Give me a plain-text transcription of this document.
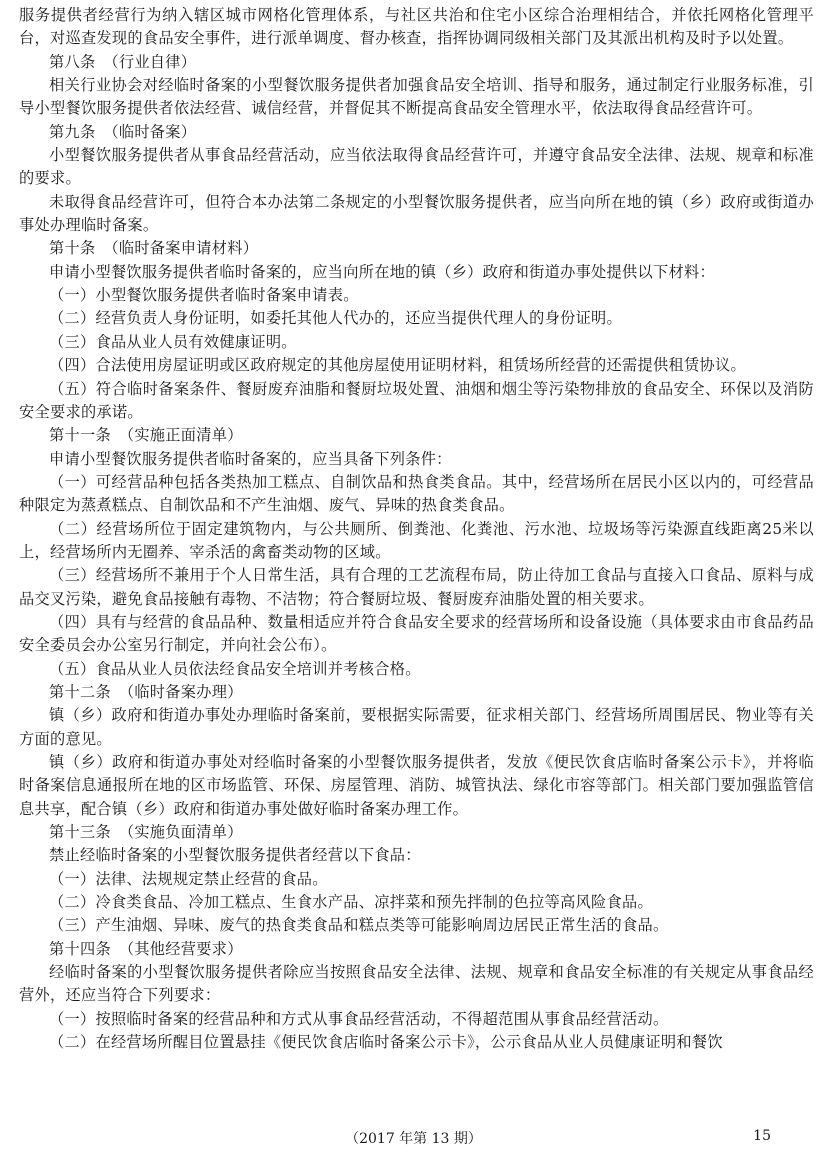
服务提供者经营行为纳入辖区城市网格化管理体系，与社区共治和住宅小区综合治理相结合，并依托网格化管理平台，对巡查发现的食品安全事件，进行派单调度、督办核查，指挥协调同级相关部门及其派出机构及时予以处置。

第八条　（行业自律）

相关行业协会对经临时备案的小型餐饮服务提供者加强食品安全培训、指导和服务，通过制定行业服务标准，引导小型餐饮服务提供者依法经营、诚信经营，并督促其不断提高食品安全管理水平，依法取得食品经营许可。

第九条　（临时备案）

小型餐饮服务提供者从事食品经营活动，应当依法取得食品经营许可，并遵守食品安全法律、法规、规章和标准的要求。

未取得食品经营许可，但符合本办法第二条规定的小型餐饮服务提供者，应当向所在地的镇（乡）政府或街道办事处办理临时备案。

第十条　（临时备案申请材料）

申请小型餐饮服务提供者临时备案的，应当向所在地的镇（乡）政府和街道办事处提供以下材料：

（一）小型餐饮服务提供者临时备案申请表。

（二）经营负责人身份证明，如委托其他人代办的，还应当提供代理人的身份证明。

（三）食品从业人员有效健康证明。

（四）合法使用房屋证明或区政府规定的其他房屋使用证明材料，租赁场所经营的还需提供租赁协议。

（五）符合临时备案条件、餐厨废弃油脂和餐厨垃圾处置、油烟和烟尘等污染物排放的食品安全、环保以及消防安全要求的承诺。

第十一条　（实施正面清单）

申请小型餐饮服务提供者临时备案的，应当具备下列条件：

（一）可经营品种包括各类热加工糕点、自制饮品和热食类食品。其中，经营场所在居民小区以内的，可经营品种限定为蒸煮糕点、自制饮品和不产生油烟、废气、异味的热食类食品。

（二）经营场所位于固定建筑物内，与公共厕所、倒粪池、化粪池、污水池、垃圾场等污染源直线距离25米以上，经营场所内无圈养、宰杀活的禽畜类动物的区域。

（三）经营场所不兼用于个人日常生活，具有合理的工艺流程布局，防止待加工食品与直接入口食品、原料与成品交叉污染，避免食品接触有毒物、不洁物；符合餐厨垃圾、餐厨废弃油脂处置的相关要求。

（四）具有与经营的食品品种、数量相适应并符合食品安全要求的经营场所和设备设施（具体要求由市食品药品安全委员会办公室另行制定，并向社会公布）。

（五）食品从业人员依法经食品安全培训并考核合格。

第十二条　（临时备案办理）

镇（乡）政府和街道办事处办理临时备案前，要根据实际需要，征求相关部门、经营场所周围居民、物业等有关方面的意见。

镇（乡）政府和街道办事处对经临时备案的小型餐饮服务提供者，发放《便民饮食店临时备案公示卡》，并将临时备案信息通报所在地的区市场监管、环保、房屋管理、消防、城管执法、绿化市容等部门。相关部门要加强监管信息共享，配合镇（乡）政府和街道办事处做好临时备案办理工作。

第十三条　（实施负面清单）

禁止经临时备案的小型餐饮服务提供者经营以下食品：

（一）法律、法规规定禁止经营的食品。

（二）冷食类食品、冷加工糕点、生食水产品、凉拌菜和预先拌制的色拉等高风险食品。

（三）产生油烟、异味、废气的热食类食品和糕点类等可能影响周边居民正常生活的食品。

第十四条　（其他经营要求）

经临时备案的小型餐饮服务提供者除应当按照食品安全法律、法规、规章和食品安全标准的有关规定从事食品经营外，还应当符合下列要求：

（一）按照临时备案的经营品种和方式从事食品经营活动，不得超范围从事食品经营活动。

（二）在经营场所醒目位置悬挂《便民饮食店临时备案公示卡》，公示食品从业人员健康证明和餐饮

（2017 年第 13 期）	15
